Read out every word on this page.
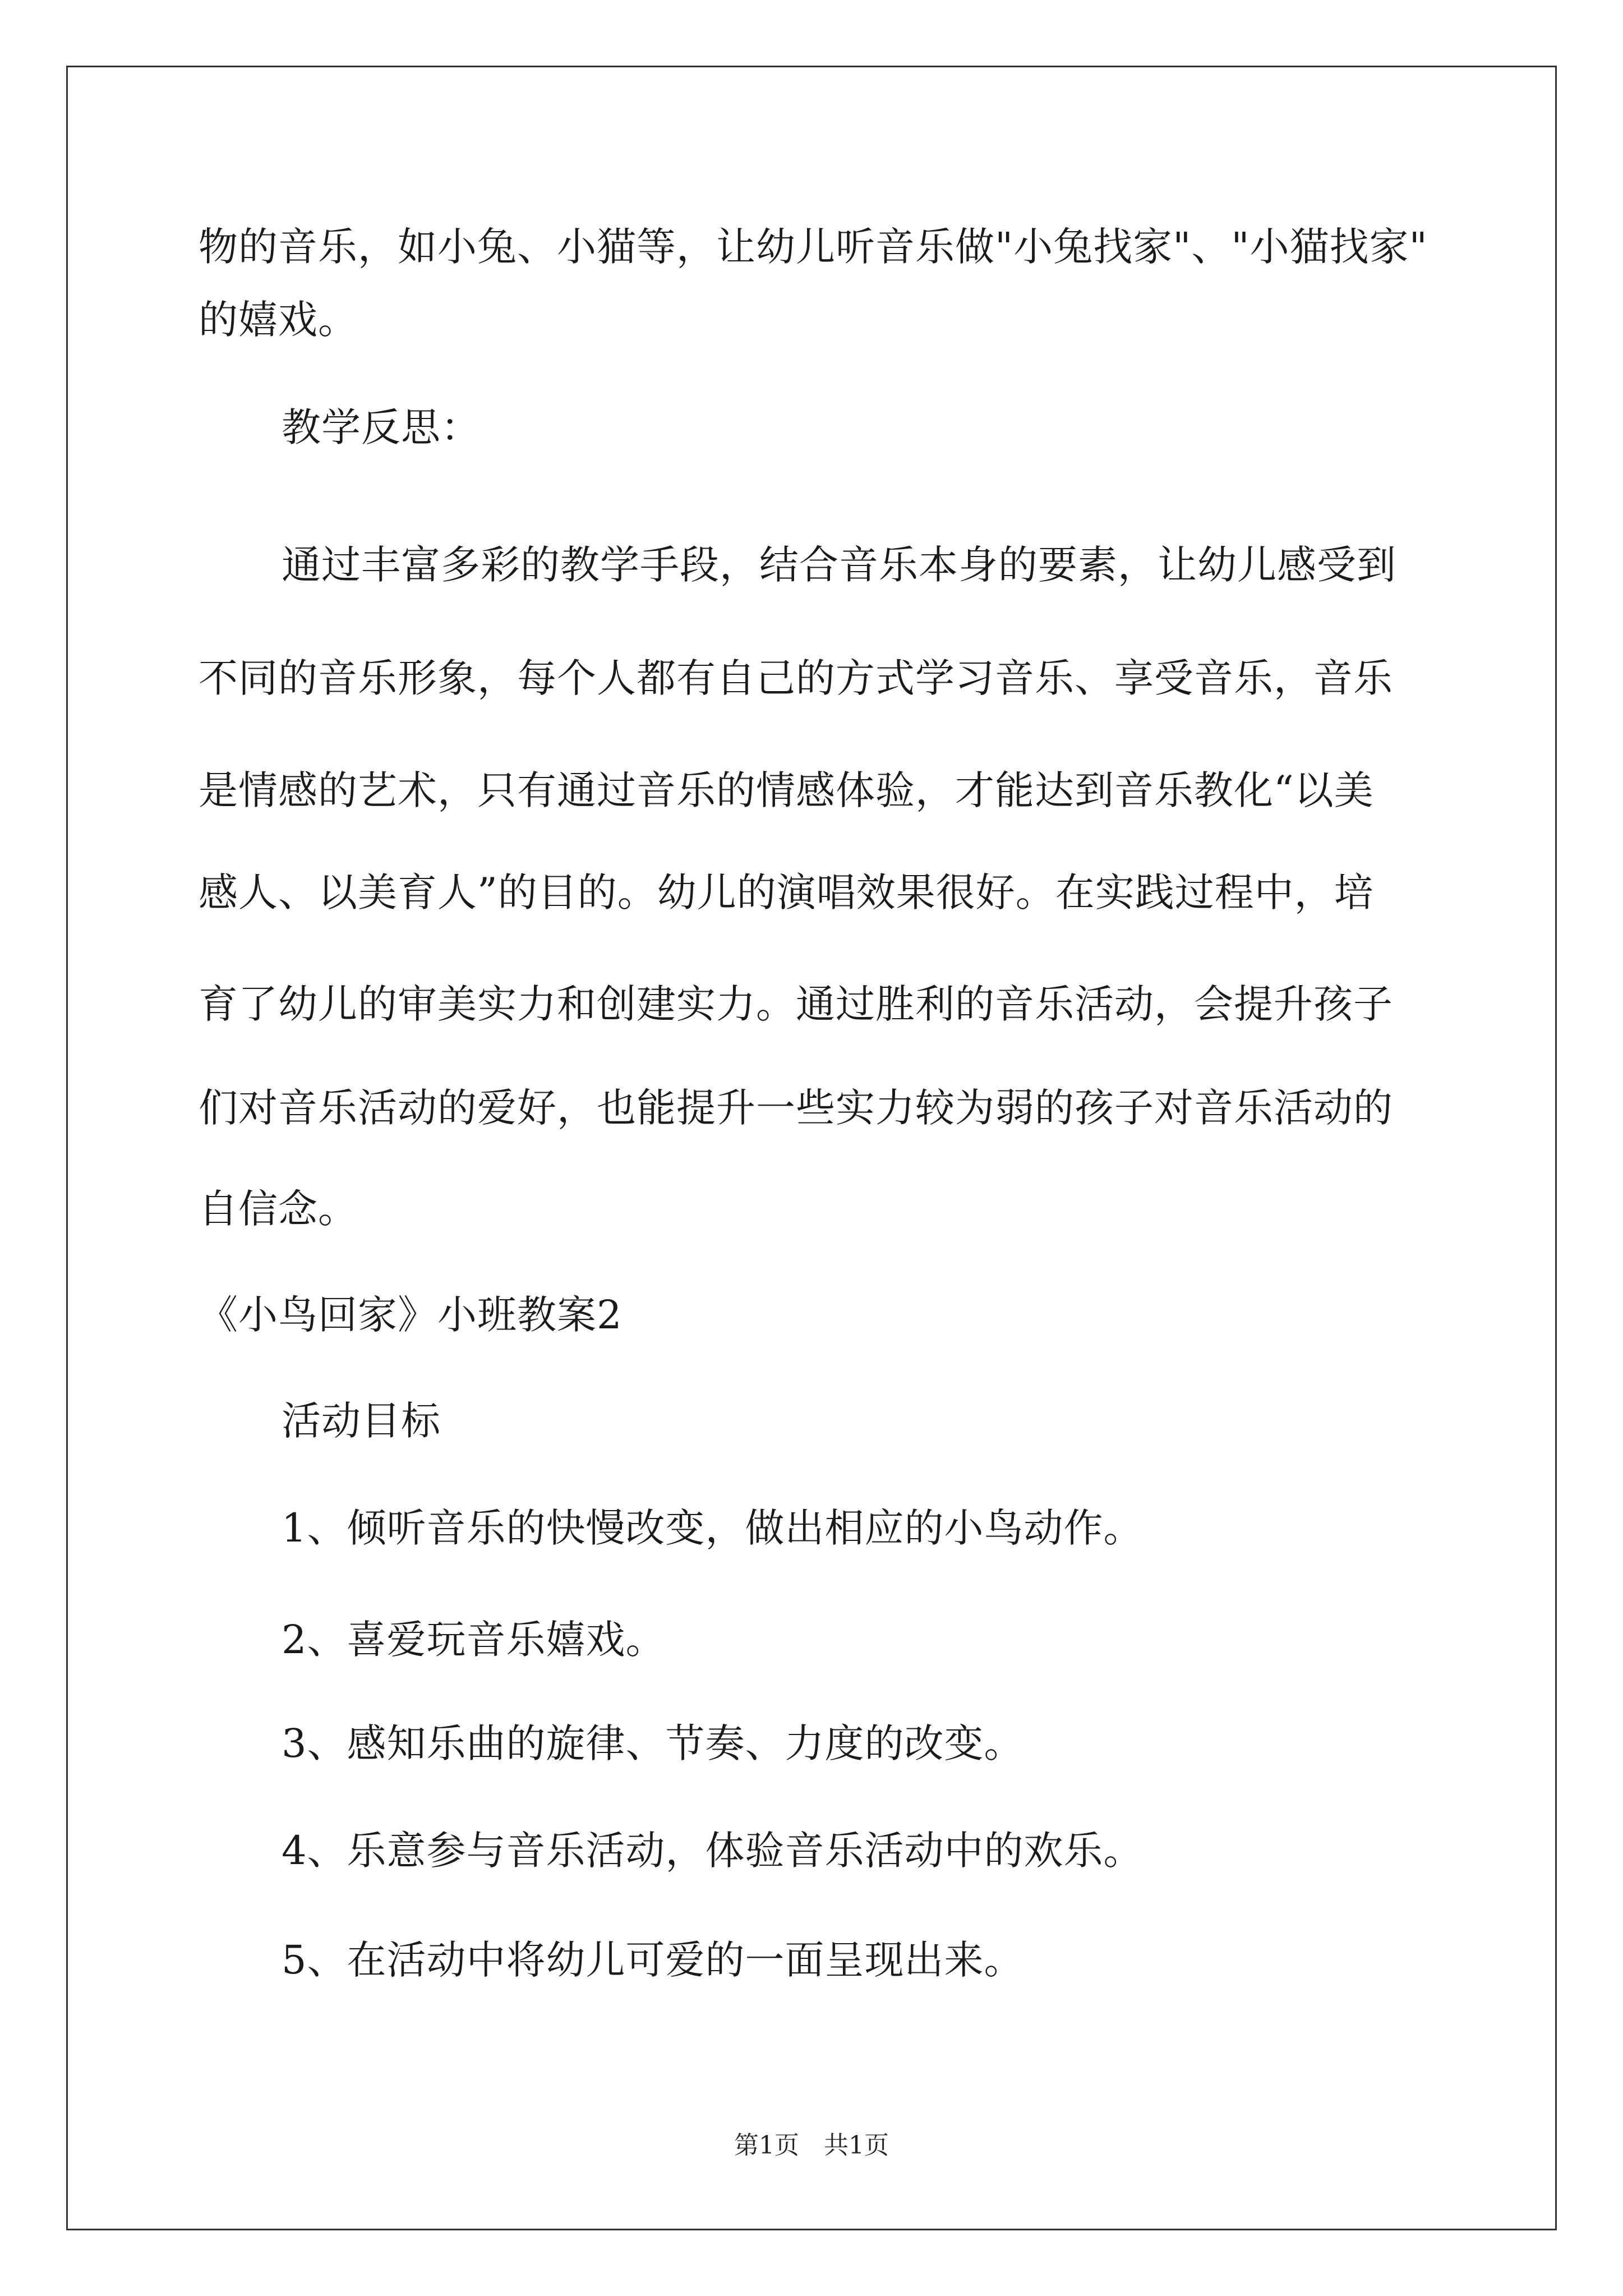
物的音乐，如小兔、小猫等，让幼儿听音乐做"小兔找家"、"小猫找家"
的嬉戏。
教学反思：
通过丰富多彩的教学手段，结合音乐本身的要素，让幼儿感受到
不同的音乐形象，每个人都有自己的方式学习音乐、享受音乐，音乐
是情感的艺术，只有通过音乐的情感体验，才能达到音乐教化“以美
感人、以美育人”的目的。幼儿的演唱效果很好。在实践过程中，培
育了幼儿的审美实力和创建实力。通过胜利的音乐活动，会提升孩子
们对音乐活动的爱好，也能提升一些实力较为弱的孩子对音乐活动的
自信念。
《小鸟回家》小班教案2
活动目标
1、倾听音乐的快慢改变，做出相应的小鸟动作。
2、喜爱玩音乐嬉戏。
3、感知乐曲的旋律、节奏、力度的改变。
4、乐意参与音乐活动，体验音乐活动中的欢乐。
5、在活动中将幼儿可爱的一面呈现出来。
第1页　共1页
